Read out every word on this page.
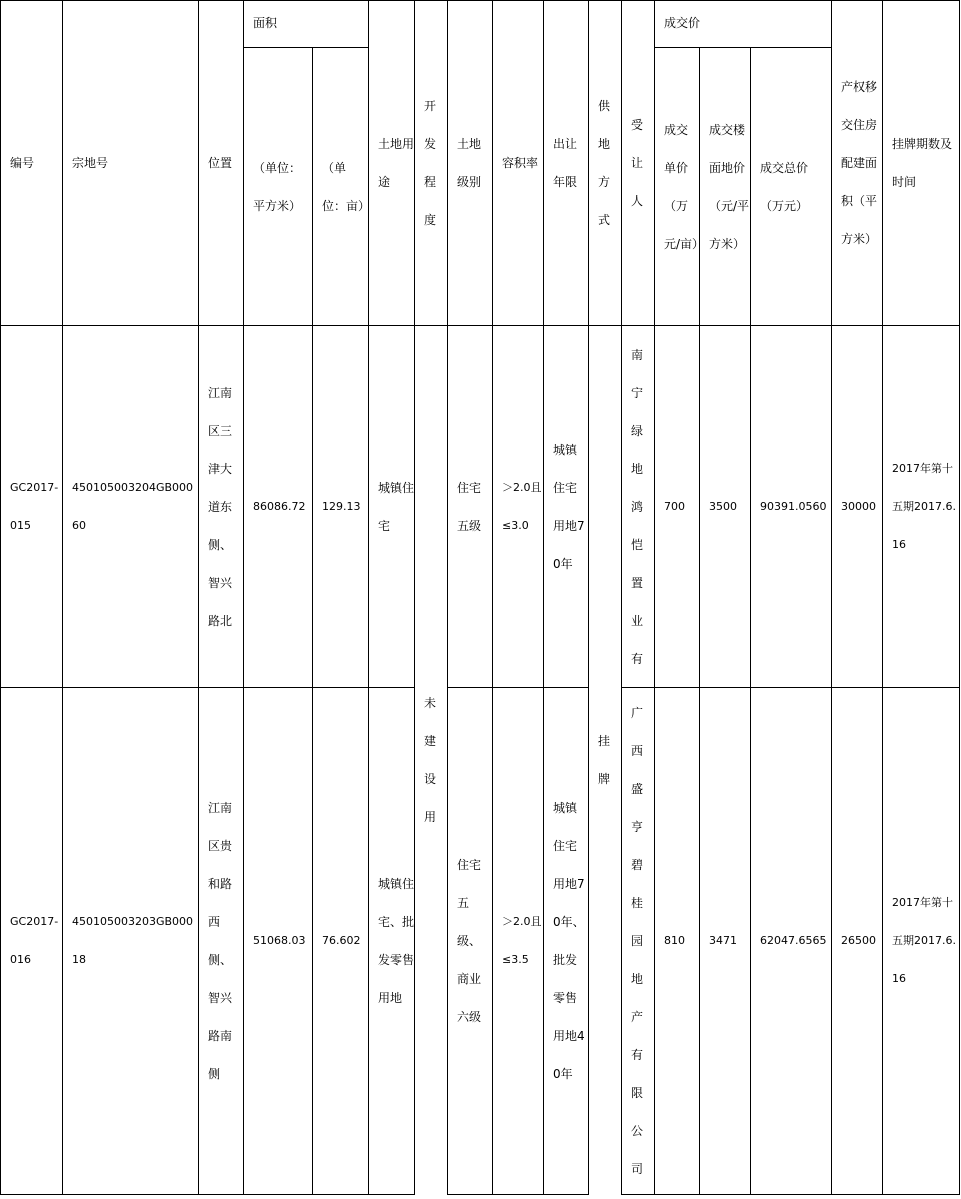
编号	宗地号	位置	面积		土地用途	开发程度	土地级别	容积率	出让年限	供地方式	受让人	成交价			产权移交住房配建面积（平方米）	挂牌期数及时间
			（单位：平方米）	（单位：亩）								成交单价（万元/亩）	成交楼面地价（元/平方米）	成交总价（万元）		
GC2017-015	450105003204GB00060	江南区三津大道东侧、智兴路北	86086.72	129.13	城镇住宅	未建设用	住宅五级	＞2.0且≤3.0	城镇住宅用地70年	挂牌	南宁绿地鸿恺置业有	700	3500	90391.0560	30000	2017年第十五期2017.6.16
GC2017-016	450105003203GB00018	江南区贵和路西侧、智兴路南侧	51068.03	76.602	城镇住宅、批发零售用地		住宅五级、商业六级	＞2.0且≤3.5	城镇住宅用地70年、批发零售用地40年		广西盛亨碧桂园地产有限公司	810	3471	62047.6565	26500	2017年第十五期2017.6.16
